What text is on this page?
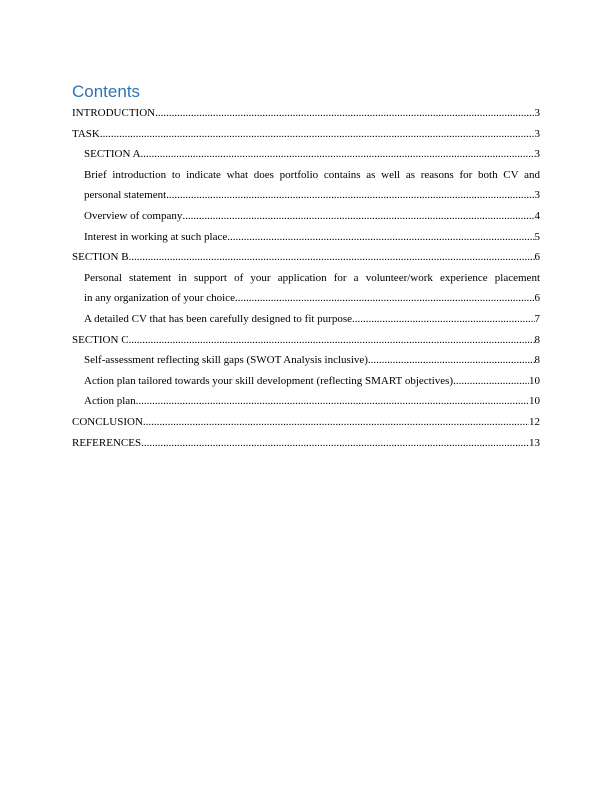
Contents
INTRODUCTION .....	3
TASK .....	3
SECTION A .....	3
Brief introduction to indicate what does portfolio contains as well as reasons for both CV and
personal statement .....	3
Overview of company .....	4
Interest in working at such place .....	5
SECTION B .....	6
Personal statement in support of your application for a volunteer/work experience placement
in any organization of your choice .....	6
A detailed CV that has been carefully designed to fit purpose .....	7
SECTION C .....	8
Self-assessment reflecting skill gaps (SWOT Analysis inclusive) .....	8
Action plan tailored towards your skill development (reflecting SMART objectives) .....	10
Action plan .....	10
CONCLUSION .....	12
REFERENCES .....	13
